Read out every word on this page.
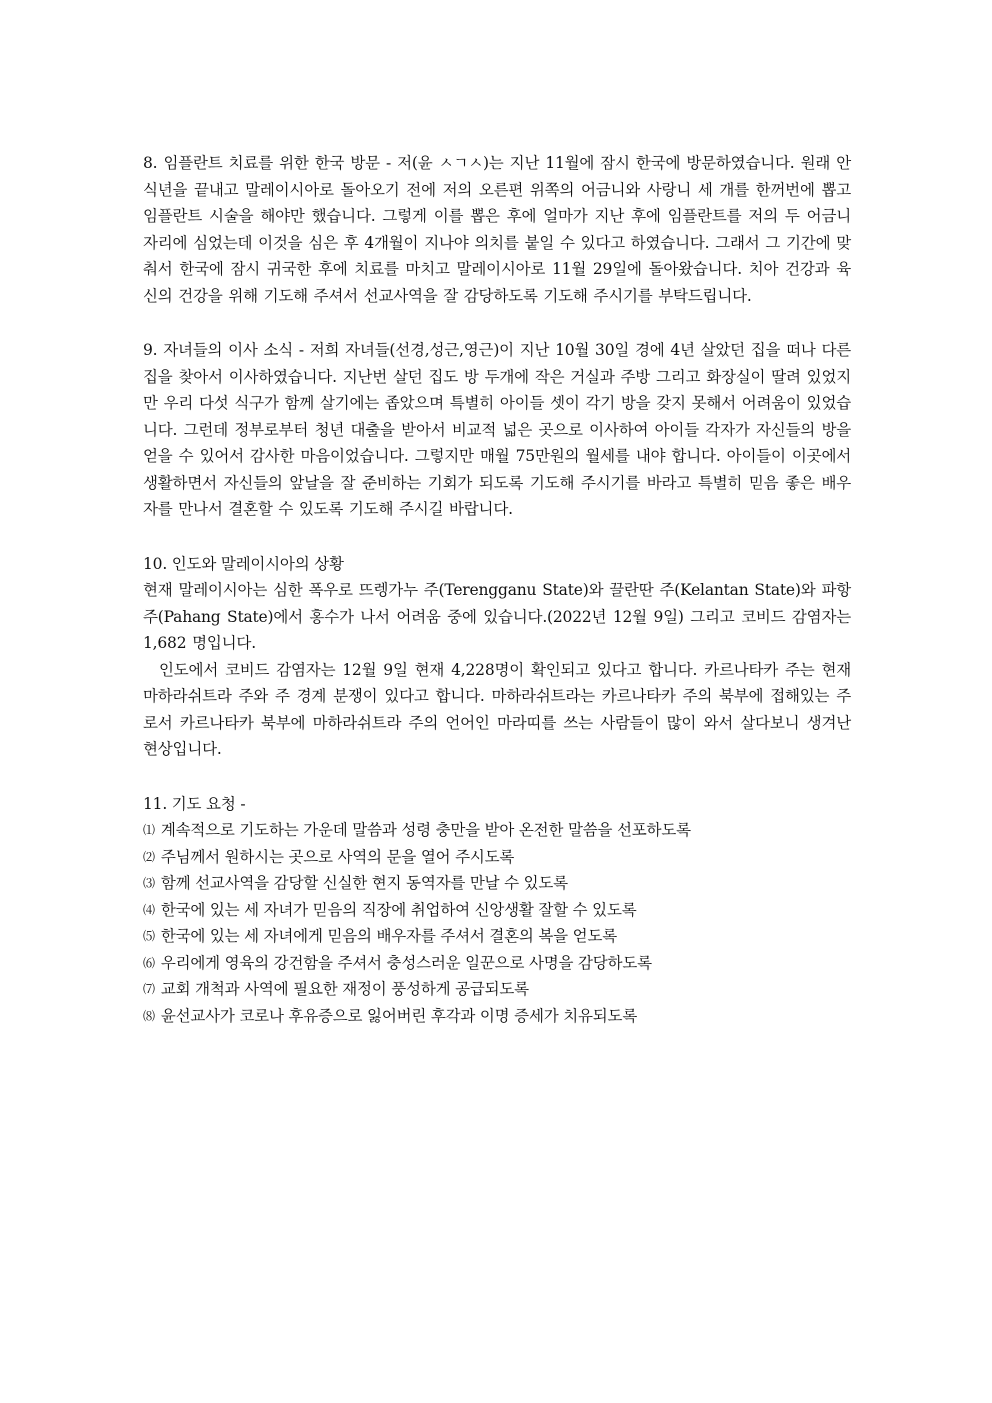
8. 임플란트 치료를 위한 한국 방문 - 저(윤 ㅅㄱㅅ)는 지난 11월에 잠시 한국에 방문하였습니다. 원래 안식년을 끝내고 말레이시아로 돌아오기 전에 저의 오른편 위쪽의 어금니와 사랑니 세 개를 한꺼번에 뽑고 임플란트 시술을 해야만 했습니다. 그렇게 이를 뽑은 후에 얼마가 지난 후에 임플란트를 저의 두 어금니 자리에 심었는데 이것을 심은 후 4개월이 지나야 의치를 붙일 수 있다고 하였습니다. 그래서 그 기간에 맞춰서 한국에 잠시 귀국한 후에 치료를 마치고 말레이시아로 11월 29일에 돌아왔습니다. 치아 건강과 육신의 건강을 위해 기도해 주셔서 선교사역을 잘 감당하도록 기도해 주시기를 부탁드립니다.

9. 자녀들의 이사 소식 - 저희 자녀들(선경,성근,영근)이 지난 10월 30일 경에 4년 살았던 집을 떠나 다른 집을 찾아서 이사하였습니다. 지난번 살던 집도 방 두개에 작은 거실과 주방 그리고 화장실이 딸려 있었지만 우리 다섯 식구가 함께 살기에는 좁았으며 특별히 아이들 셋이 각기 방을 갖지 못해서 어려움이 있었습니다. 그런데 정부로부터 청년 대출을 받아서 비교적 넓은 곳으로 이사하여 아이들 각자가 자신들의 방을 얻을 수 있어서 감사한 마음이었습니다. 그렇지만 매월 75만원의 월세를 내야 합니다. 아이들이 이곳에서 생활하면서 자신들의 앞날을 잘 준비하는 기회가 되도록 기도해 주시기를 바라고 특별히 믿음 좋은 배우자를 만나서 결혼할 수 있도록 기도해 주시길 바랍니다.

10. 인도와 말레이시아의 상황

현재 말레이시아는 심한 폭우로 뜨렝가누 주(Terengganu State)와 끌란딴 주(Kelantan State)와 파항 주(Pahang State)에서 홍수가 나서 어려움 중에 있습니다.(2022년 12월 9일) 그리고 코비드 감염자는 1,682 명입니다.

인도에서 코비드 감염자는 12월 9일 현재 4,228명이 확인되고 있다고 합니다. 카르나타카 주는 현재 마하라쉬트라 주와 주 경계 분쟁이 있다고 합니다. 마하라쉬트라는 카르나타카 주의 북부에 접해있는 주로서 카르나타카 북부에 마하라쉬트라 주의 언어인 마라띠를 쓰는 사람들이 많이 와서 살다보니 생겨난 현상입니다.

11. 기도 요청 -

⑴ 계속적으로 기도하는 가운데 말씀과 성령 충만을 받아 온전한 말씀을 선포하도록
⑵ 주님께서 원하시는 곳으로 사역의 문을 열어 주시도록
⑶ 함께 선교사역을 감당할 신실한 현지 동역자를 만날 수 있도록
⑷ 한국에 있는 세 자녀가 믿음의 직장에 취업하여 신앙생활 잘할 수 있도록
⑸ 한국에 있는 세 자녀에게 믿음의 배우자를 주셔서 결혼의 복을 얻도록
⑹ 우리에게 영육의 강건함을 주셔서 충성스러운 일꾼으로 사명을 감당하도록
⑺ 교회 개척과 사역에 필요한 재정이 풍성하게 공급되도록
⑻ 윤선교사가 코로나 후유증으로 잃어버린 후각과 이명 증세가 치유되도록
